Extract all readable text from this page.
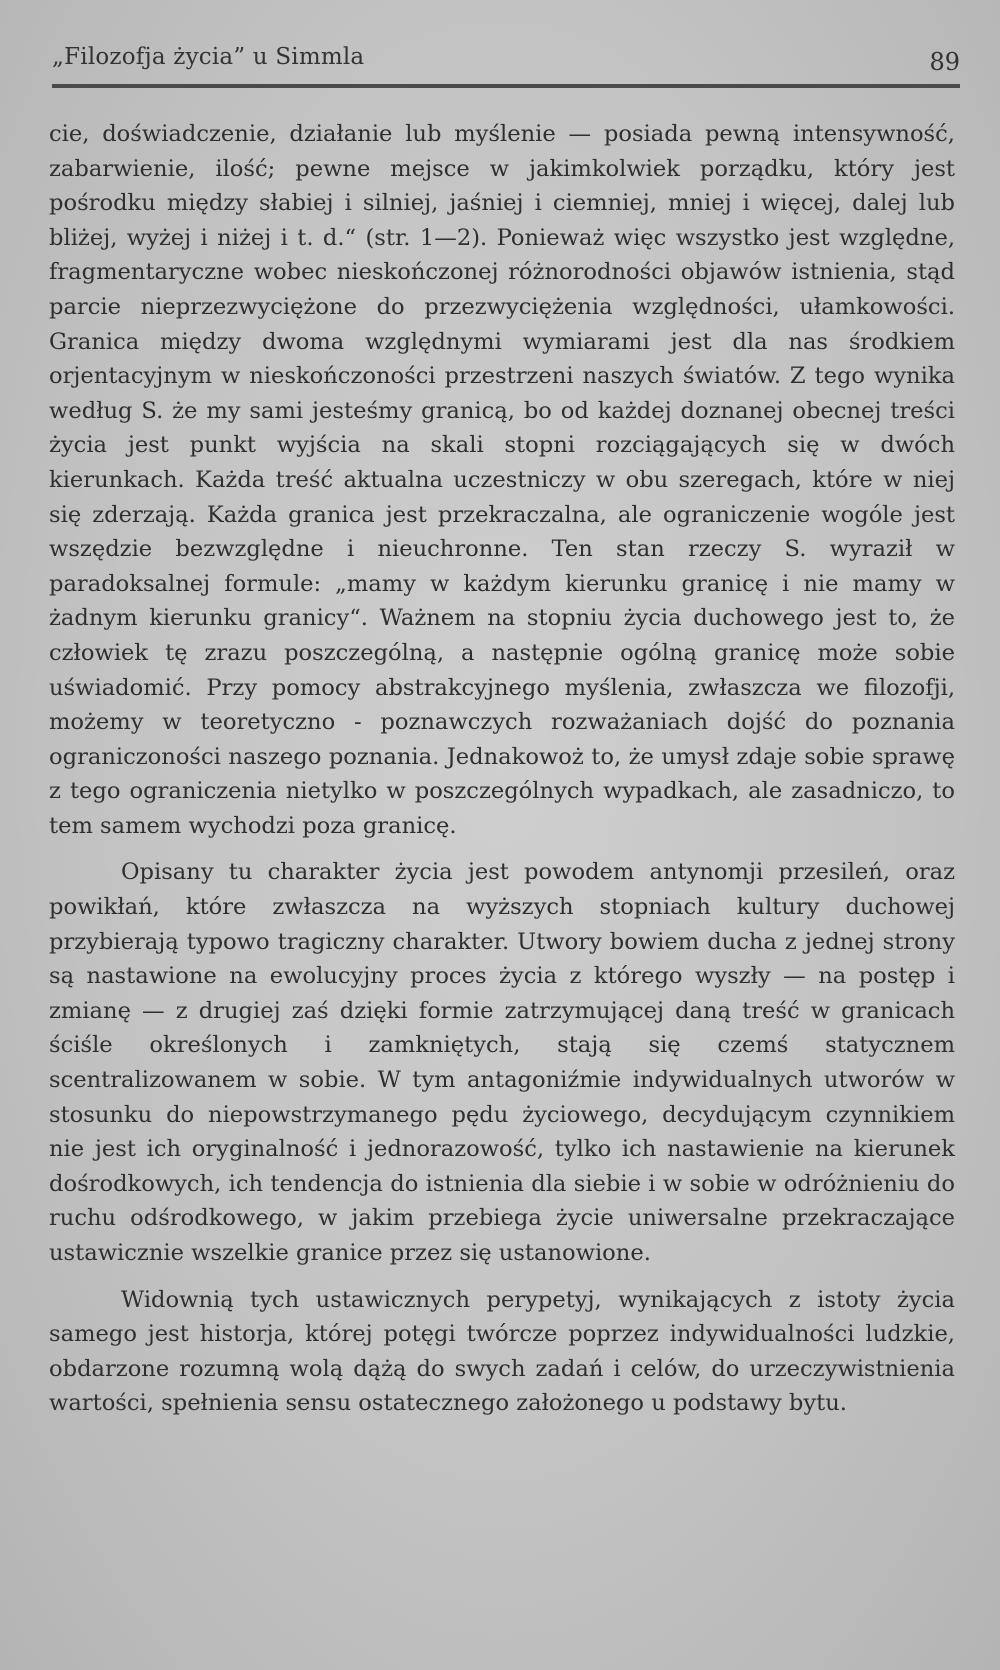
„Filozofja życia” u Simmla	89

cie, doświadczenie, działanie lub myślenie — posiada pewną intensywność, zabarwienie, ilość; pewne mejsce w jakimkolwiek porządku, który jest pośrodku między słabiej i silniej, jaśniej i ciemniej, mniej i więcej, dalej lub bliżej, wyżej i niżej i t. d.“ (str. 1—2). Ponieważ więc wszystko jest względne, fragmentaryczne wobec nieskończonej różnorodności objawów istnienia, stąd parcie nieprzezwyciężone do przezwyciężenia względności, ułamkowości. Granica między dwoma względnymi wymiarami jest dla nas środkiem orjentacyjnym w nieskończoności przestrzeni naszych światów. Z tego wynika według S. że my sami jesteśmy granicą, bo od każdej doznanej obecnej treści życia jest punkt wyjścia na skali stopni rozciągających się w dwóch kierunkach. Każda treść aktualna uczestniczy w obu szeregach, które w niej się zderzają. Każda granica jest przekraczalna, ale ograniczenie wogóle jest wszędzie bezwzględne i nieuchronne. Ten stan rzeczy S. wyraził w paradoksalnej formule: „mamy w każdym kierunku granicę i nie mamy w żadnym kierunku granicy“. Ważnem na stopniu życia duchowego jest to, że człowiek tę zrazu poszczególną, a następnie ogólną granicę może sobie uświadomić. Przy pomocy abstrakcyjnego myślenia, zwłaszcza we filozofji, możemy w teoretyczno - poznawczych rozważaniach dojść do poznania ograniczoności naszego poznania. Jednakowoż to, że umysł zdaje sobie sprawę z tego ograniczenia nietylko w poszczególnych wypadkach, ale zasadniczo, to tem samem wychodzi poza granicę.

Opisany tu charakter życia jest powodem antynomji przesileń, oraz powikłań, które zwłaszcza na wyższych stopniach kultury duchowej przybierają typowo tragiczny charakter. Utwory bowiem ducha z jednej strony są nastawione na ewolucyjny proces życia z którego wyszły — na postęp i zmianę — z drugiej zaś dzięki formie zatrzymującej daną treść w granicach ściśle określonych i zamkniętych, stają się czemś statycznem scentralizowanem w sobie. W tym antagoniźmie indywidualnych utworów w stosunku do niepowstrzymanego pędu życiowego, decydującym czynnikiem nie jest ich oryginalność i jednorazowość, tylko ich nastawienie na kierunek dośrodkowych, ich tendencja do istnienia dla siebie i w sobie w odróżnieniu do ruchu odśrodkowego, w jakim przebiega życie uniwersalne przekraczające ustawicznie wszelkie granice przez się ustanowione.

Widownią tych ustawicznych perypetyj, wynikających z istoty życia samego jest historja, której potęgi twórcze poprzez indywidualności ludzkie, obdarzone rozumną wolą dążą do swych zadań i celów, do urzeczywistnienia wartości, spełnienia sensu ostatecznego założonego u podstawy bytu.
